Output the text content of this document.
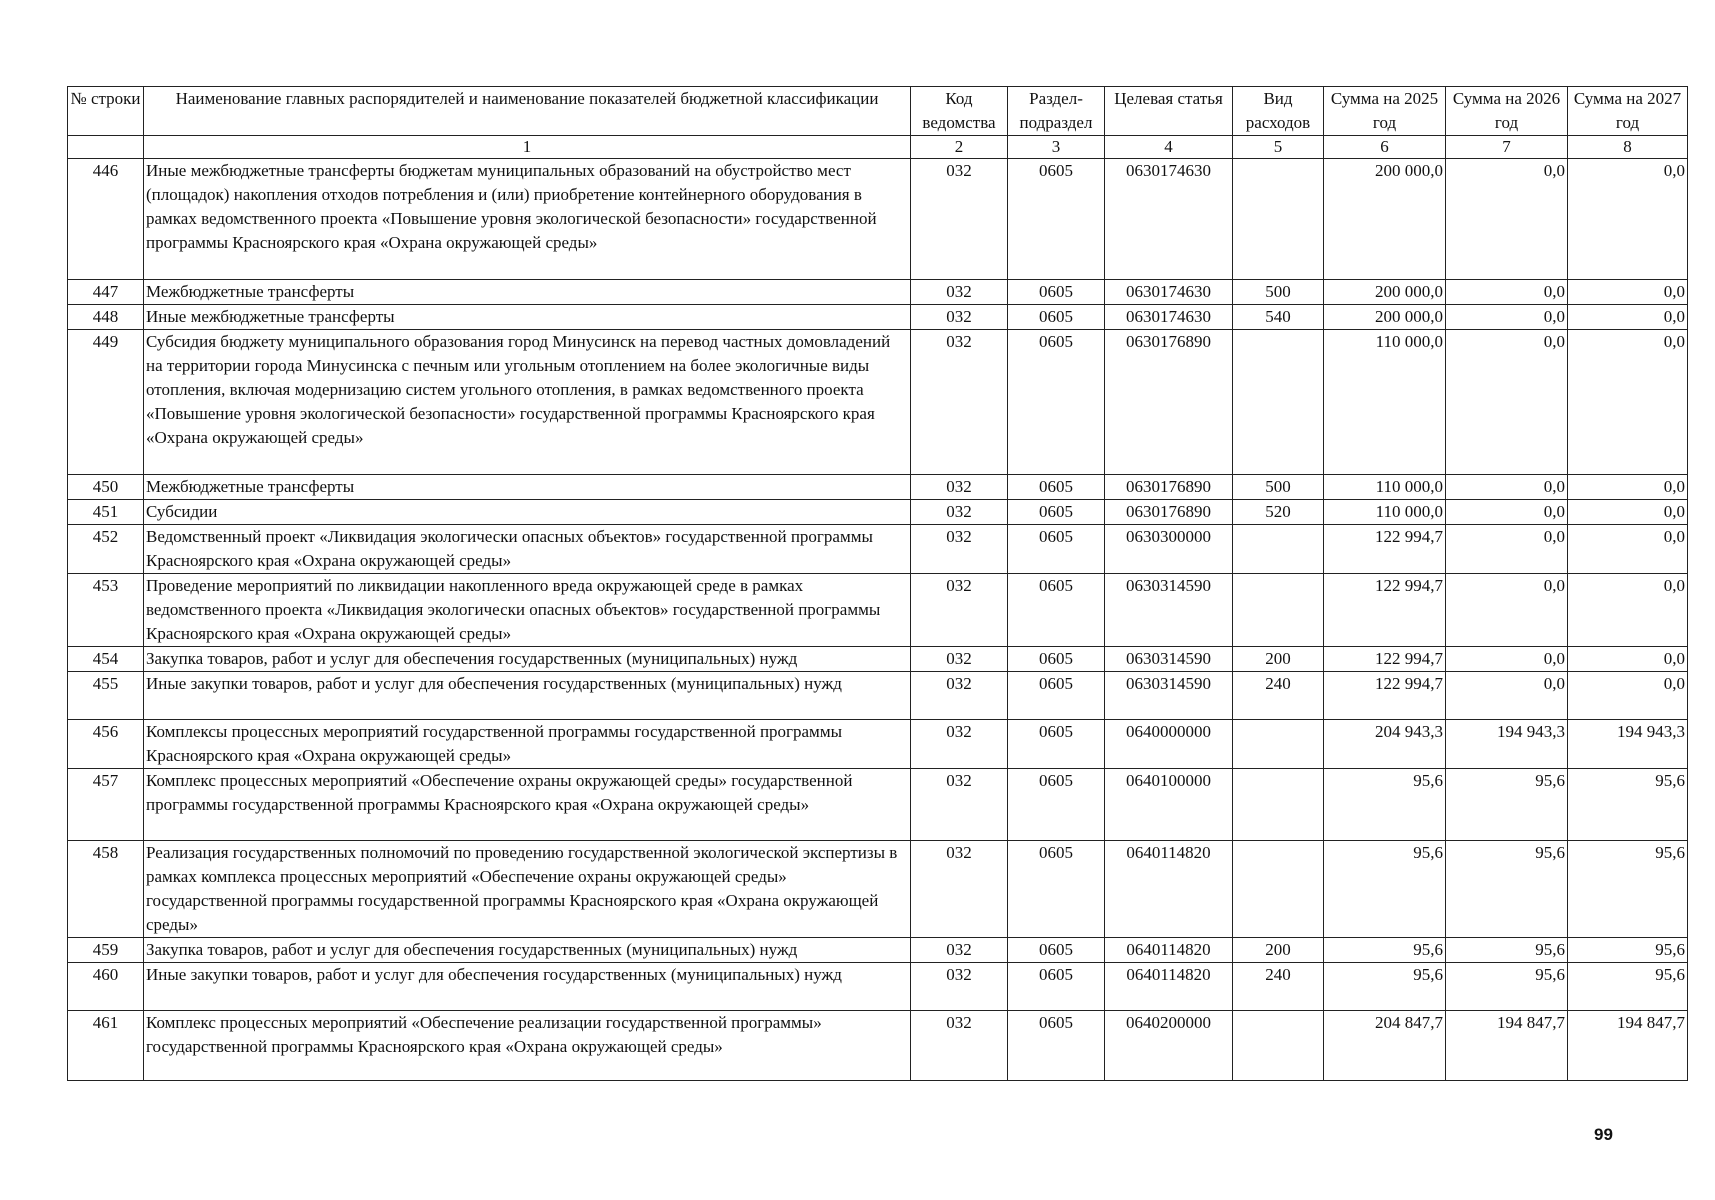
№ строки	Наименование главных распорядителей и наименование показателей бюджетной классификации	Код ведомства	Раздел- подраздел	Целевая статья	Вид расходов	Сумма на 2025 год	Сумма на 2026 год	Сумма на 2027 год
	1	2	3	4	5	6	7	8
446	Иные межбюджетные трансферты бюджетам муниципальных образований на обустройство мест (площадок) накопления отходов потребления и (или) приобретение контейнерного оборудования в рамках ведомственного проекта «Повышение уровня экологической безопасности» государственной программы Красноярского края «Охрана окружающей среды»	032	0605	0630174630		200 000,0	0,0	0,0
447	Межбюджетные трансферты	032	0605	0630174630	500	200 000,0	0,0	0,0
448	Иные межбюджетные трансферты	032	0605	0630174630	540	200 000,0	0,0	0,0
449	Субсидия бюджету муниципального образования город Минусинск на перевод частных домовладений на территории города Минусинска с печным или угольным отоплением на более экологичные виды отопления, включая модернизацию систем угольного отопления, в рамках ведомственного проекта «Повышение уровня экологической безопасности» государственной программы Красноярского края «Охрана окружающей среды»	032	0605	0630176890		110 000,0	0,0	0,0
450	Межбюджетные трансферты	032	0605	0630176890	500	110 000,0	0,0	0,0
451	Субсидии	032	0605	0630176890	520	110 000,0	0,0	0,0
452	Ведомственный проект «Ликвидация экологически опасных объектов» государственной программы Красноярского края «Охрана окружающей среды»	032	0605	0630300000		122 994,7	0,0	0,0
453	Проведение мероприятий по ликвидации накопленного вреда окружающей среде в рамках ведомственного проекта «Ликвидация экологически опасных объектов» государственной программы Красноярского края «Охрана окружающей среды»	032	0605	0630314590		122 994,7	0,0	0,0
454	Закупка товаров, работ и услуг для обеспечения государственных (муниципальных) нужд	032	0605	0630314590	200	122 994,7	0,0	0,0
455	Иные закупки товаров, работ и услуг для обеспечения государственных (муниципальных) нужд	032	0605	0630314590	240	122 994,7	0,0	0,0
456	Комплексы процессных мероприятий государственной программы государственной программы Красноярского края «Охрана окружающей среды»	032	0605	0640000000		204 943,3	194 943,3	194 943,3
457	Комплекс процессных мероприятий «Обеспечение охраны окружающей среды» государственной программы государственной программы Красноярского края «Охрана окружающей среды»	032	0605	0640100000		95,6	95,6	95,6
458	Реализация государственных полномочий по проведению государственной экологической экспертизы в рамках комплекса процессных мероприятий «Обеспечение охраны окружающей среды» государственной программы государственной программы Красноярского края «Охрана окружающей среды»	032	0605	0640114820		95,6	95,6	95,6
459	Закупка товаров, работ и услуг для обеспечения государственных (муниципальных) нужд	032	0605	0640114820	200	95,6	95,6	95,6
460	Иные закупки товаров, работ и услуг для обеспечения государственных (муниципальных) нужд	032	0605	0640114820	240	95,6	95,6	95,6
461	Комплекс процессных мероприятий «Обеспечение реализации государственной программы» государственной программы Красноярского края «Охрана окружающей среды»	032	0605	0640200000		204 847,7	194 847,7	194 847,7
99
